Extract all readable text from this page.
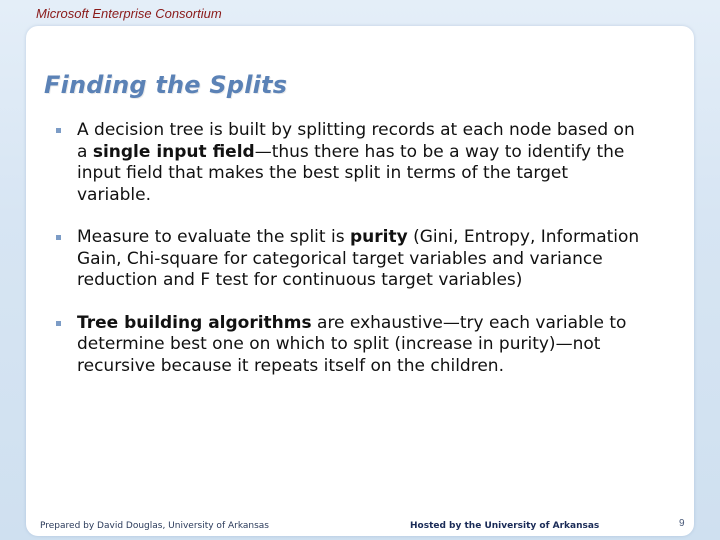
Microsoft Enterprise Consortium
Finding the Splits
A decision tree is built by splitting records at each node based on a single input field—thus there has to be a way to identify the input field that makes the best split in terms of the target variable.
Measure to evaluate the split is purity (Gini, Entropy, Information Gain, Chi-square for categorical target variables and variance reduction and F test for continuous target variables)
Tree building algorithms are exhaustive—try each variable to determine best one on which to split (increase in purity)—not recursive because it repeats itself on the children.
Prepared by David Douglas, University of Arkansas	Hosted by the University of Arkansas	9
